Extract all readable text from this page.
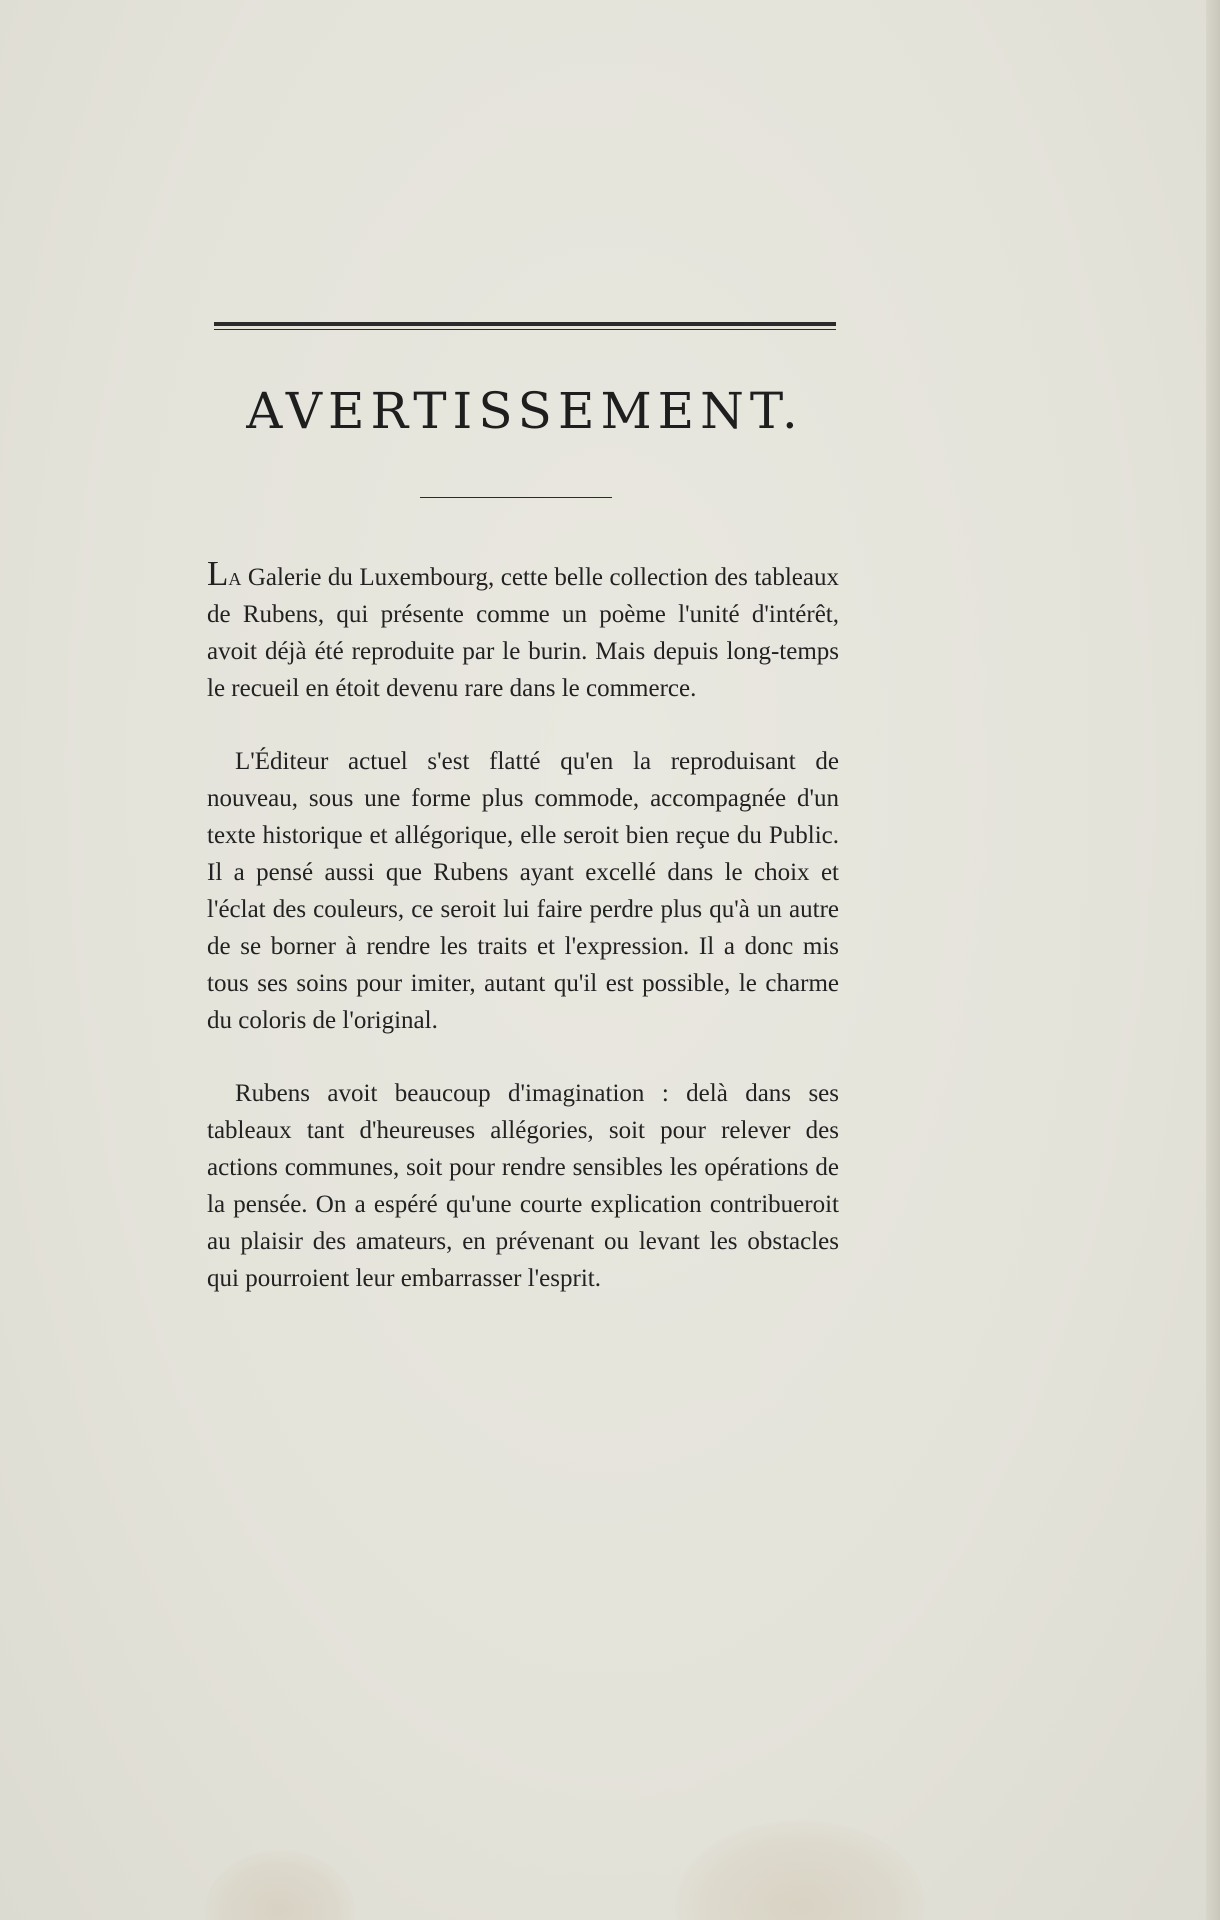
AVERTISSEMENT.

La Galerie du Luxembourg, cette belle collection des tableaux de Rubens, qui présente comme un poème l'unité d'intérêt, avoit déjà été reproduite par le burin. Mais depuis long-temps le recueil en étoit devenu rare dans le commerce.

L'Éditeur actuel s'est flatté qu'en la reproduisant de nouveau, sous une forme plus commode, accompagnée d'un texte historique et allégorique, elle seroit bien reçue du Public. Il a pensé aussi que Rubens ayant excellé dans le choix et l'éclat des couleurs, ce seroit lui faire perdre plus qu'à un autre de se borner à rendre les traits et l'expression. Il a donc mis tous ses soins pour imiter, autant qu'il est possible, le charme du coloris de l'original.

Rubens avoit beaucoup d'imagination : delà dans ses tableaux tant d'heureuses allégories, soit pour relever des actions communes, soit pour rendre sensibles les opérations de la pensée. On a espéré qu'une courte explication contribueroit au plaisir des amateurs, en prévenant ou levant les obstacles qui pourroient leur embarrasser l'esprit.
